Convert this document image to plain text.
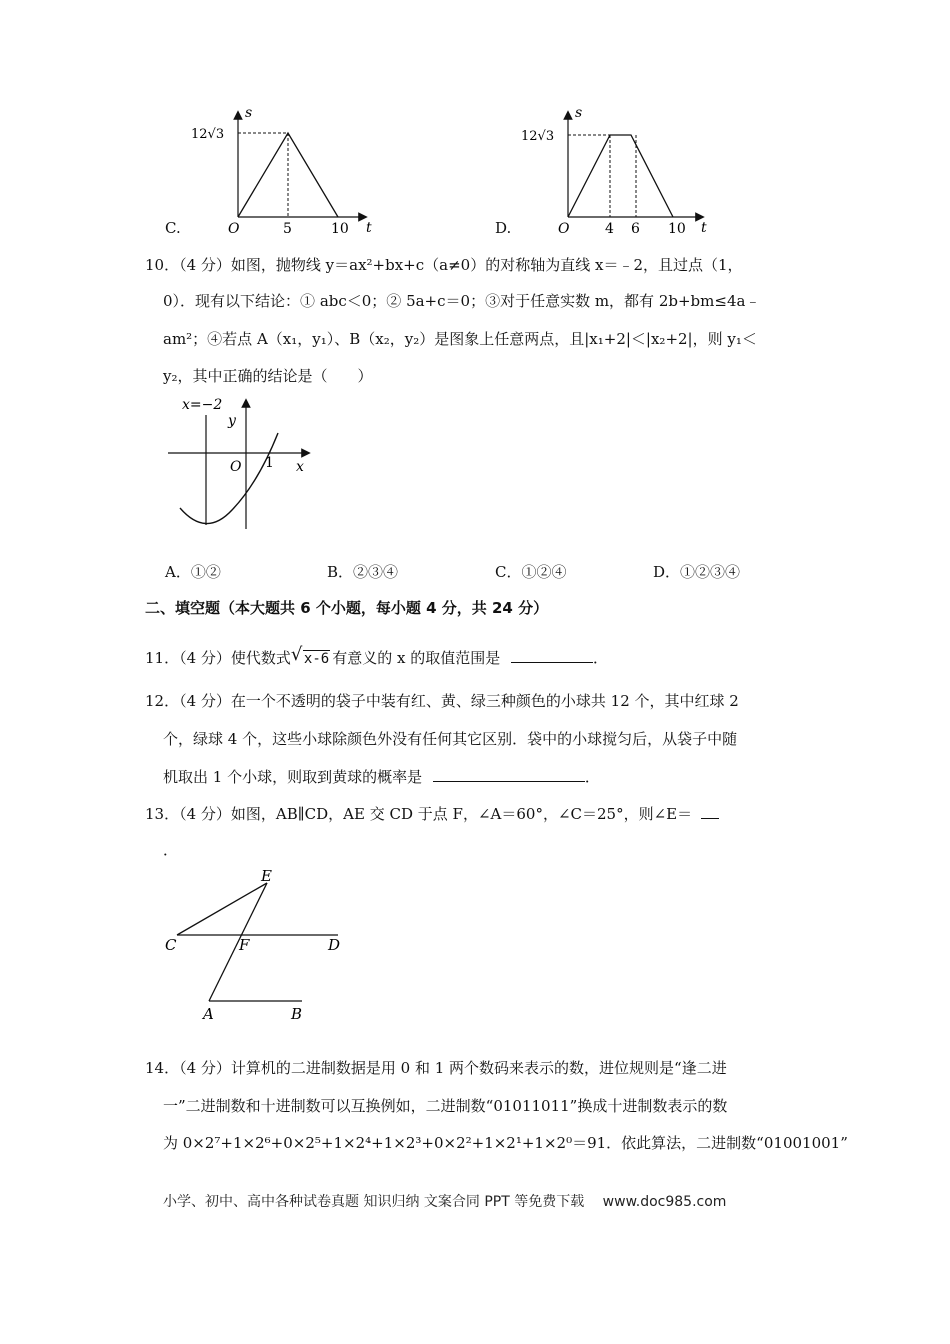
C.
s
t
O
12√3
5	10	D.
s
t
O
12√3
4 6 10
10．（4 分）如图，抛物线 y＝ax²+bx+c（a≠0）的对称轴为直线 x＝﹣2，且过点（1，
0）．现有以下结论：① abc＜0；② 5a+c＝0；③对于任意实数 m，都有 2b+bm≤4a﹣
am²；④若点 A（x₁，y₁）、B（x₂，y₂）是图象上任意两点，且|x₁+2|＜|x₂+2|，则 y₁＜
y₂，其中正确的结论是（　　）
x=−2
y
x
O 1
A．①②	B．②③④	C．①②④	D．①②③④
二、填空题（本大题共 6 个小题，每小题 4 分，共 24 分）
11．（4 分）使代数式 √ x-6 有意义的 x 的取值范围是	．
12．（4 分）在一个不透明的袋子中装有红、黄、绿三种颜色的小球共 12 个，其中红球 2
个，绿球 4 个，这些小球除颜色外没有任何其它区别．袋中的小球搅匀后，从袋子中随
机取出 1 个小球，则取到黄球的概率是	．
13．（4 分）如图，AB∥CD，AE 交 CD 于点 F，∠A＝60°，∠C＝25°，则∠E＝
．
E
C	F	D
A	B
14．（4 分）计算机的二进制数据是用 0 和 1 两个数码来表示的数，进位规则是“逢二进
一”二进制数和十进制数可以互换例如，二进制数“01011011”换成十进制数表示的数
为 0×2⁷+1×2⁶+0×2⁵+1×2⁴+1×2³+0×2²+1×2¹+1×2⁰＝91．依此算法，二进制数“01001001”
小学、初中、高中各种试卷真题 知识归纳 文案合同 PPT 等免费下载　 www.doc985.com
